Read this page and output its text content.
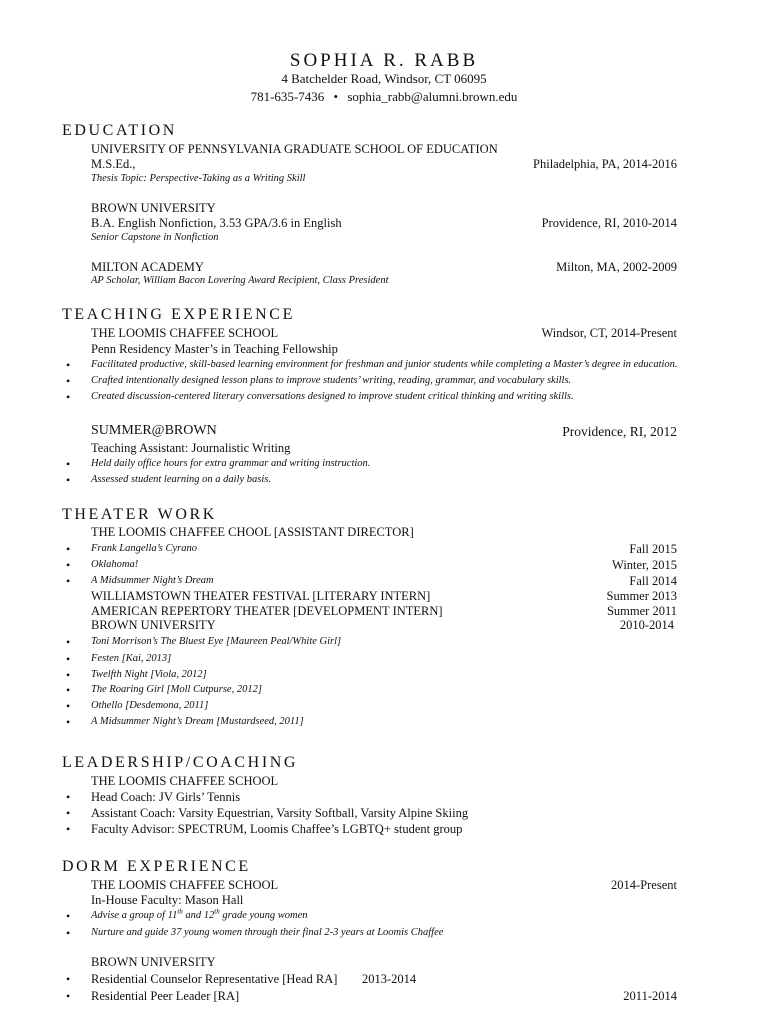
SOPHIA R. RABB
4 Batchelder Road, Windsor, CT 06095
781-635-7436 • sophia_rabb@alumni.brown.edu
EDUCATION
UNIVERSITY OF PENNSYLVANIA GRADUATE SCHOOL OF EDUCATION
M.S.Ed.,	Philadelphia, PA, 2014-2016
Thesis Topic: Perspective-Taking as a Writing Skill
BROWN UNIVERSITY
B.A. English Nonfiction, 3.53 GPA/3.6 in English	Providence, RI, 2010-2014
Senior Capstone in Nonfiction
MILTON ACADEMY	Milton, MA, 2002-2009
AP Scholar, William Bacon Lovering Award Recipient, Class President
TEACHING EXPERIENCE
THE LOOMIS CHAFFEE SCHOOL	Windsor, CT, 2014-Present
Penn Residency Master’s in Teaching Fellowship
• Facilitated productive, skill-based learning environment for freshman and junior students while completing a Master’s degree in education.
• Crafted intentionally designed lesson plans to improve students’ writing, reading, grammar, and vocabulary skills.
• Created discussion-centered literary conversations designed to improve student critical thinking and writing skills.
SUMMER@BROWN	Providence, RI, 2012
Teaching Assistant: Journalistic Writing
• Held daily office hours for extra grammar and writing instruction.
• Assessed student learning on a daily basis.
THEATER WORK
THE LOOMIS CHAFFEE CHOOL [ASSISTANT DIRECTOR]
• Frank Langella’s Cyrano	Fall 2015
• Oklahoma!	Winter, 2015
• A Midsummer Night’s Dream	Fall 2014
WILLIAMSTOWN THEATER FESTIVAL [LITERARY INTERN]	Summer 2013
AMERICAN REPERTORY THEATER [DEVELOPMENT INTERN]	Summer 2011
BROWN UNIVERSITY	2010-2014
• Toni Morrison’s The Bluest Eye [Maureen Peal/White Girl]
• Festen [Kai, 2013]
• Twelfth Night [Viola, 2012]
• The Roaring Girl [Moll Cutpurse, 2012]
• Othello [Desdemona, 2011]
• A Midsummer Night’s Dream [Mustardseed, 2011]
LEADERSHIP/COACHING
THE LOOMIS CHAFFEE SCHOOL
• Head Coach: JV Girls’ Tennis
• Assistant Coach: Varsity Equestrian, Varsity Softball, Varsity Alpine Skiing
• Faculty Advisor: SPECTRUM, Loomis Chaffee’s LGBTQ+ student group
DORM EXPERIENCE
THE LOOMIS CHAFFEE SCHOOL	2014-Present
In-House Faculty: Mason Hall
• Advise a group of 11th and 12th grade young women
• Nurture and guide 37 young women through their final 2-3 years at Loomis Chaffee
BROWN UNIVERSITY
• Residential Counselor Representative [Head RA] 2013-2014
• Residential Peer Leader [RA]	2011-2014
